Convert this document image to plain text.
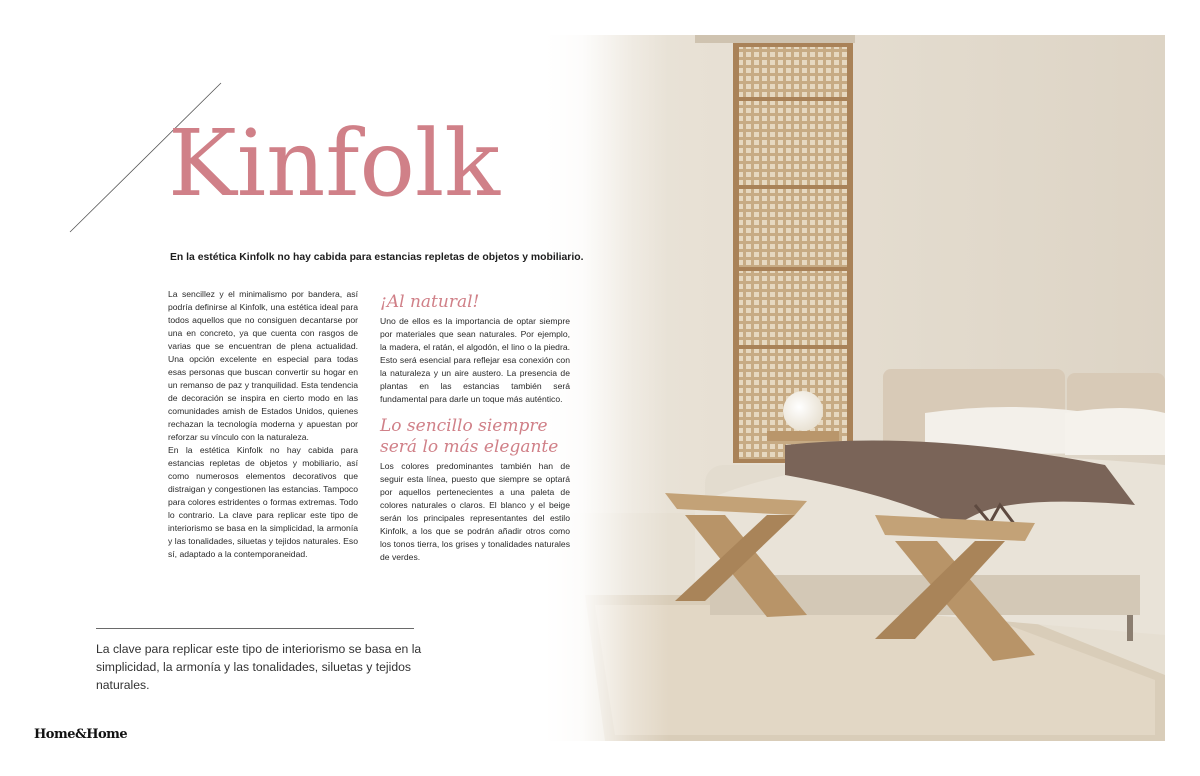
Kinfolk

En la estética Kinfolk no hay cabida para estancias repletas de objetos y mobiliario.

La sencillez y el minimalismo por bandera, así podría definirse al Kinfolk, una estética ideal para todos aquellos que no consiguen decantarse por una en concreto, ya que cuenta con rasgos de varias que se encuentran de plena actualidad. Una opción excelente en especial para todas esas personas que buscan convertir su hogar en un remanso de paz y tranquilidad. Esta tendencia de decoración se inspira en cierto modo en las comunidades amish de Estados Unidos, quienes rechazan la tecnología moderna y apuestan por reforzar su vínculo con la naturaleza.

En la estética Kinfolk no hay cabida para estancias repletas de objetos y mobiliario, así como numerosos elementos decorativos que distraigan y congestionen las estancias. Tampoco para colores estridentes o formas extremas. Todo lo contrario. La clave para replicar este tipo de interiorismo se basa en la simplicidad, la armonía y las tonalidades, siluetas y tejidos naturales. Eso sí, adaptado a la contemporaneidad.

¡Al natural!

Uno de ellos es la importancia de optar siempre por materiales que sean naturales. Por ejemplo, la madera, el ratán, el algodón, el lino o la piedra. Esto será esencial para reflejar esa conexión con la naturaleza y un aire austero. La presencia de plantas en las estancias también será fundamental para darle un toque más auténtico.

Lo sencillo siempre será lo más elegante

Los colores predominantes también han de seguir esta línea, puesto que siempre se optará por aquellos pertenecientes a una paleta de colores naturales o claros. El blanco y el beige serán los principales representantes del estilo Kinfolk, a los que se podrán añadir otros como los tonos tierra, los grises y tonalidades naturales de verdes.

La clave para replicar este tipo de interiorismo se basa en la simplicidad, la armonía y las tonalidades, siluetas y tejidos naturales.

Home&Home
